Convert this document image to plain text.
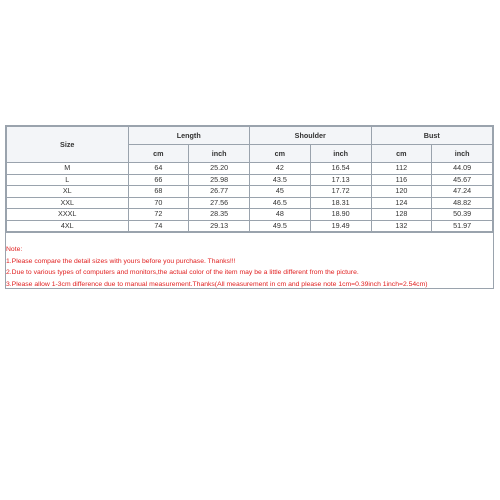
Size	Length		Shoulder		Bust	
	cm	inch	cm	inch	cm	inch
M	64	25.20	42	16.54	112	44.09
L	66	25.98	43.5	17.13	116	45.67
XL	68	26.77	45	17.72	120	47.24
XXL	70	27.56	46.5	18.31	124	48.82
XXXL	72	28.35	48	18.90	128	50.39
4XL	74	29.13	49.5	19.49	132	51.97
Note:
1.Please compare the detail sizes with yours before you purchase. Thanks!!!
2.Due to various types of computers and monitors,the actual color of the item may be a little different from the picture.
3.Please allow 1-3cm difference due to manual measurement.Thanks(All measurement in cm and please note 1cm=0.39inch 1inch=2.54cm)
